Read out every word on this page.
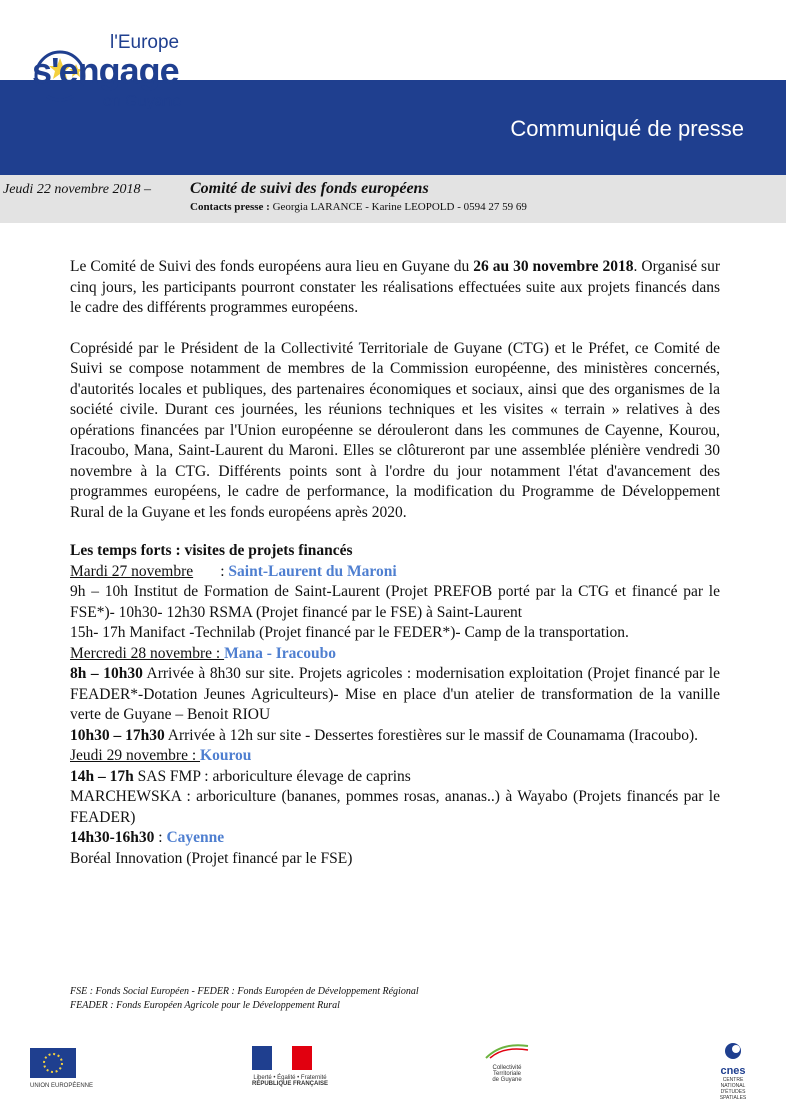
Communiqué de presse
l'Europe
s'engage
en Guyane
Jeudi 22 novembre 2018 – Comité de suivi des fonds européens
Contacts presse : Georgia LARANCE - Karine LEOPOLD - 0594 27 59 69

Le Comité de Suivi des fonds européens aura lieu en Guyane du 26 au 30 novembre 2018. Organisé sur cinq jours, les participants pourront constater les réalisations effectuées suite aux projets financés dans le cadre des différents programmes européens.

Coprésidé par le Président de la Collectivité Territoriale de Guyane (CTG) et le Préfet, ce Comité de Suivi se compose notamment de membres de la Commission européenne, des ministères concernés, d'autorités locales et publiques, des partenaires économiques et sociaux, ainsi que des organismes de la société civile. Durant ces journées, les réunions techniques et les visites « terrain » relatives à des opérations financées par l'Union européenne se dérouleront dans les communes de Cayenne, Kourou, Iracoubo, Mana, Saint-Laurent du Maroni. Elles se clôtureront par une assemblée plénière vendredi 30 novembre à la CTG. Différents points sont à l'ordre du jour notamment l'état d'avancement des programmes européens, le cadre de performance, la modification du Programme de Développement Rural de la Guyane et les fonds européens après 2020.

Les temps forts : visites de projets financés

Mardi 27 novembre       : Saint-Laurent du Maroni

9h – 10h Institut de Formation de Saint-Laurent (Projet PREFOB porté par la CTG et financé par le FSE*)- 10h30- 12h30 RSMA (Projet financé par le FSE) à Saint-Laurent

15h- 17h Manifact -Technilab (Projet financé par le FEDER*)- Camp de la transportation.

Mercredi 28 novembre : Mana - Iracoubo

8h – 10h30 Arrivée à 8h30 sur site. Projets agricoles : modernisation exploitation (Projet financé par le FEADER*-Dotation Jeunes Agriculteurs)- Mise en place d'un atelier de transformation de la vanille verte de Guyane – Benoit RIOU

10h30 – 17h30 Arrivée à 12h sur site - Dessertes forestières sur le massif de Counamama (Iracoubo).

Jeudi 29 novembre : Kourou

14h – 17h SAS FMP : arboriculture élevage de caprins

MARCHEWSKA : arboriculture (bananes, pommes rosas, ananas..) à Wayabo (Projets financés par le FEADER)

14h30-16h30 : Cayenne

Boréal Innovation (Projet financé par le FSE)

FSE : Fonds Social Européen - FEDER : Fonds Européen de Développement Régional
FEADER : Fonds Européen Agricole pour le Développement Rural
UNION EUROPÉENNE
Liberté • Égalité • Fraternité
RÉPUBLIQUE FRANÇAISE
Collectivité
Territoriale
de Guyane
cnes
CENTRE NATIONAL
D'ÉTUDES SPATIALES
